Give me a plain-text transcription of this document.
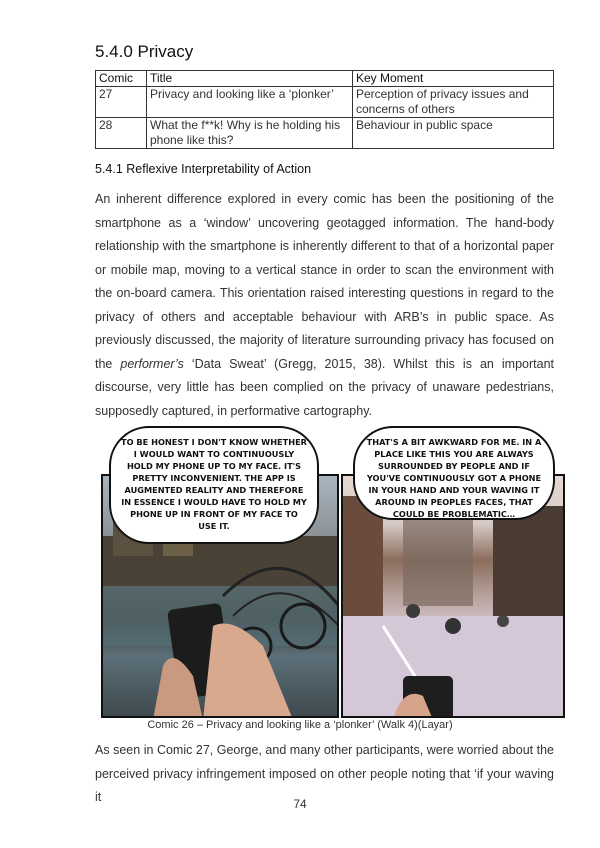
5.4.0 Privacy
Comic	Title	Key Moment
27	Privacy and looking like a ‘plonker’	Perception of privacy issues and concerns of others
28	What the f**k! Why is he holding his phone like this?	Behaviour in public space
5.4.1 Reflexive Interpretability of Action

An inherent difference explored in every comic has been the positioning of the smartphone as a ‘window’ uncovering geotagged information. The hand-body relationship with the smartphone is inherently different to that of a horizontal paper or mobile map, moving to a vertical stance in order to scan the environment with the on-board camera. This orientation raised interesting questions in regard to the privacy of others and acceptable behaviour with ARB’s in public space. As previously discussed, the majority of literature surrounding privacy has focused on the performer’s ‘Data Sweat’ (Gregg, 2015, 38). Whilst this is an important discourse, very little has been complied on the privacy of unaware pedestrians, supposedly captured, in performative cartography.

TO BE HONEST I DON'T KNOW WHETHER I WOULD WANT TO CONTINUOUSLY HOLD MY PHONE UP TO MY FACE. IT'S PRETTY INCONVENIENT. THE APP IS AUGMENTED REALITY AND THEREFORE IN ESSENCE I WOULD HAVE TO HOLD MY PHONE UP IN FRONT OF MY FACE TO USE IT.
THAT'S A BIT AWKWARD FOR ME. IN A PLACE LIKE THIS YOU ARE ALWAYS SURROUNDED BY PEOPLE AND IF YOU'VE CONTINUOUSLY GOT A PHONE IN YOUR HAND AND YOUR WAVING IT AROUND IN PEOPLES FACES, THAT COULD BE PROBLEMATIC…

Comic 26 – Privacy and looking like a ‘plonker’ (Walk 4)(Layar)

As seen in Comic 27, George, and many other participants, were worried about the perceived privacy infringement imposed on other people noting that ‘if your waving it	74
